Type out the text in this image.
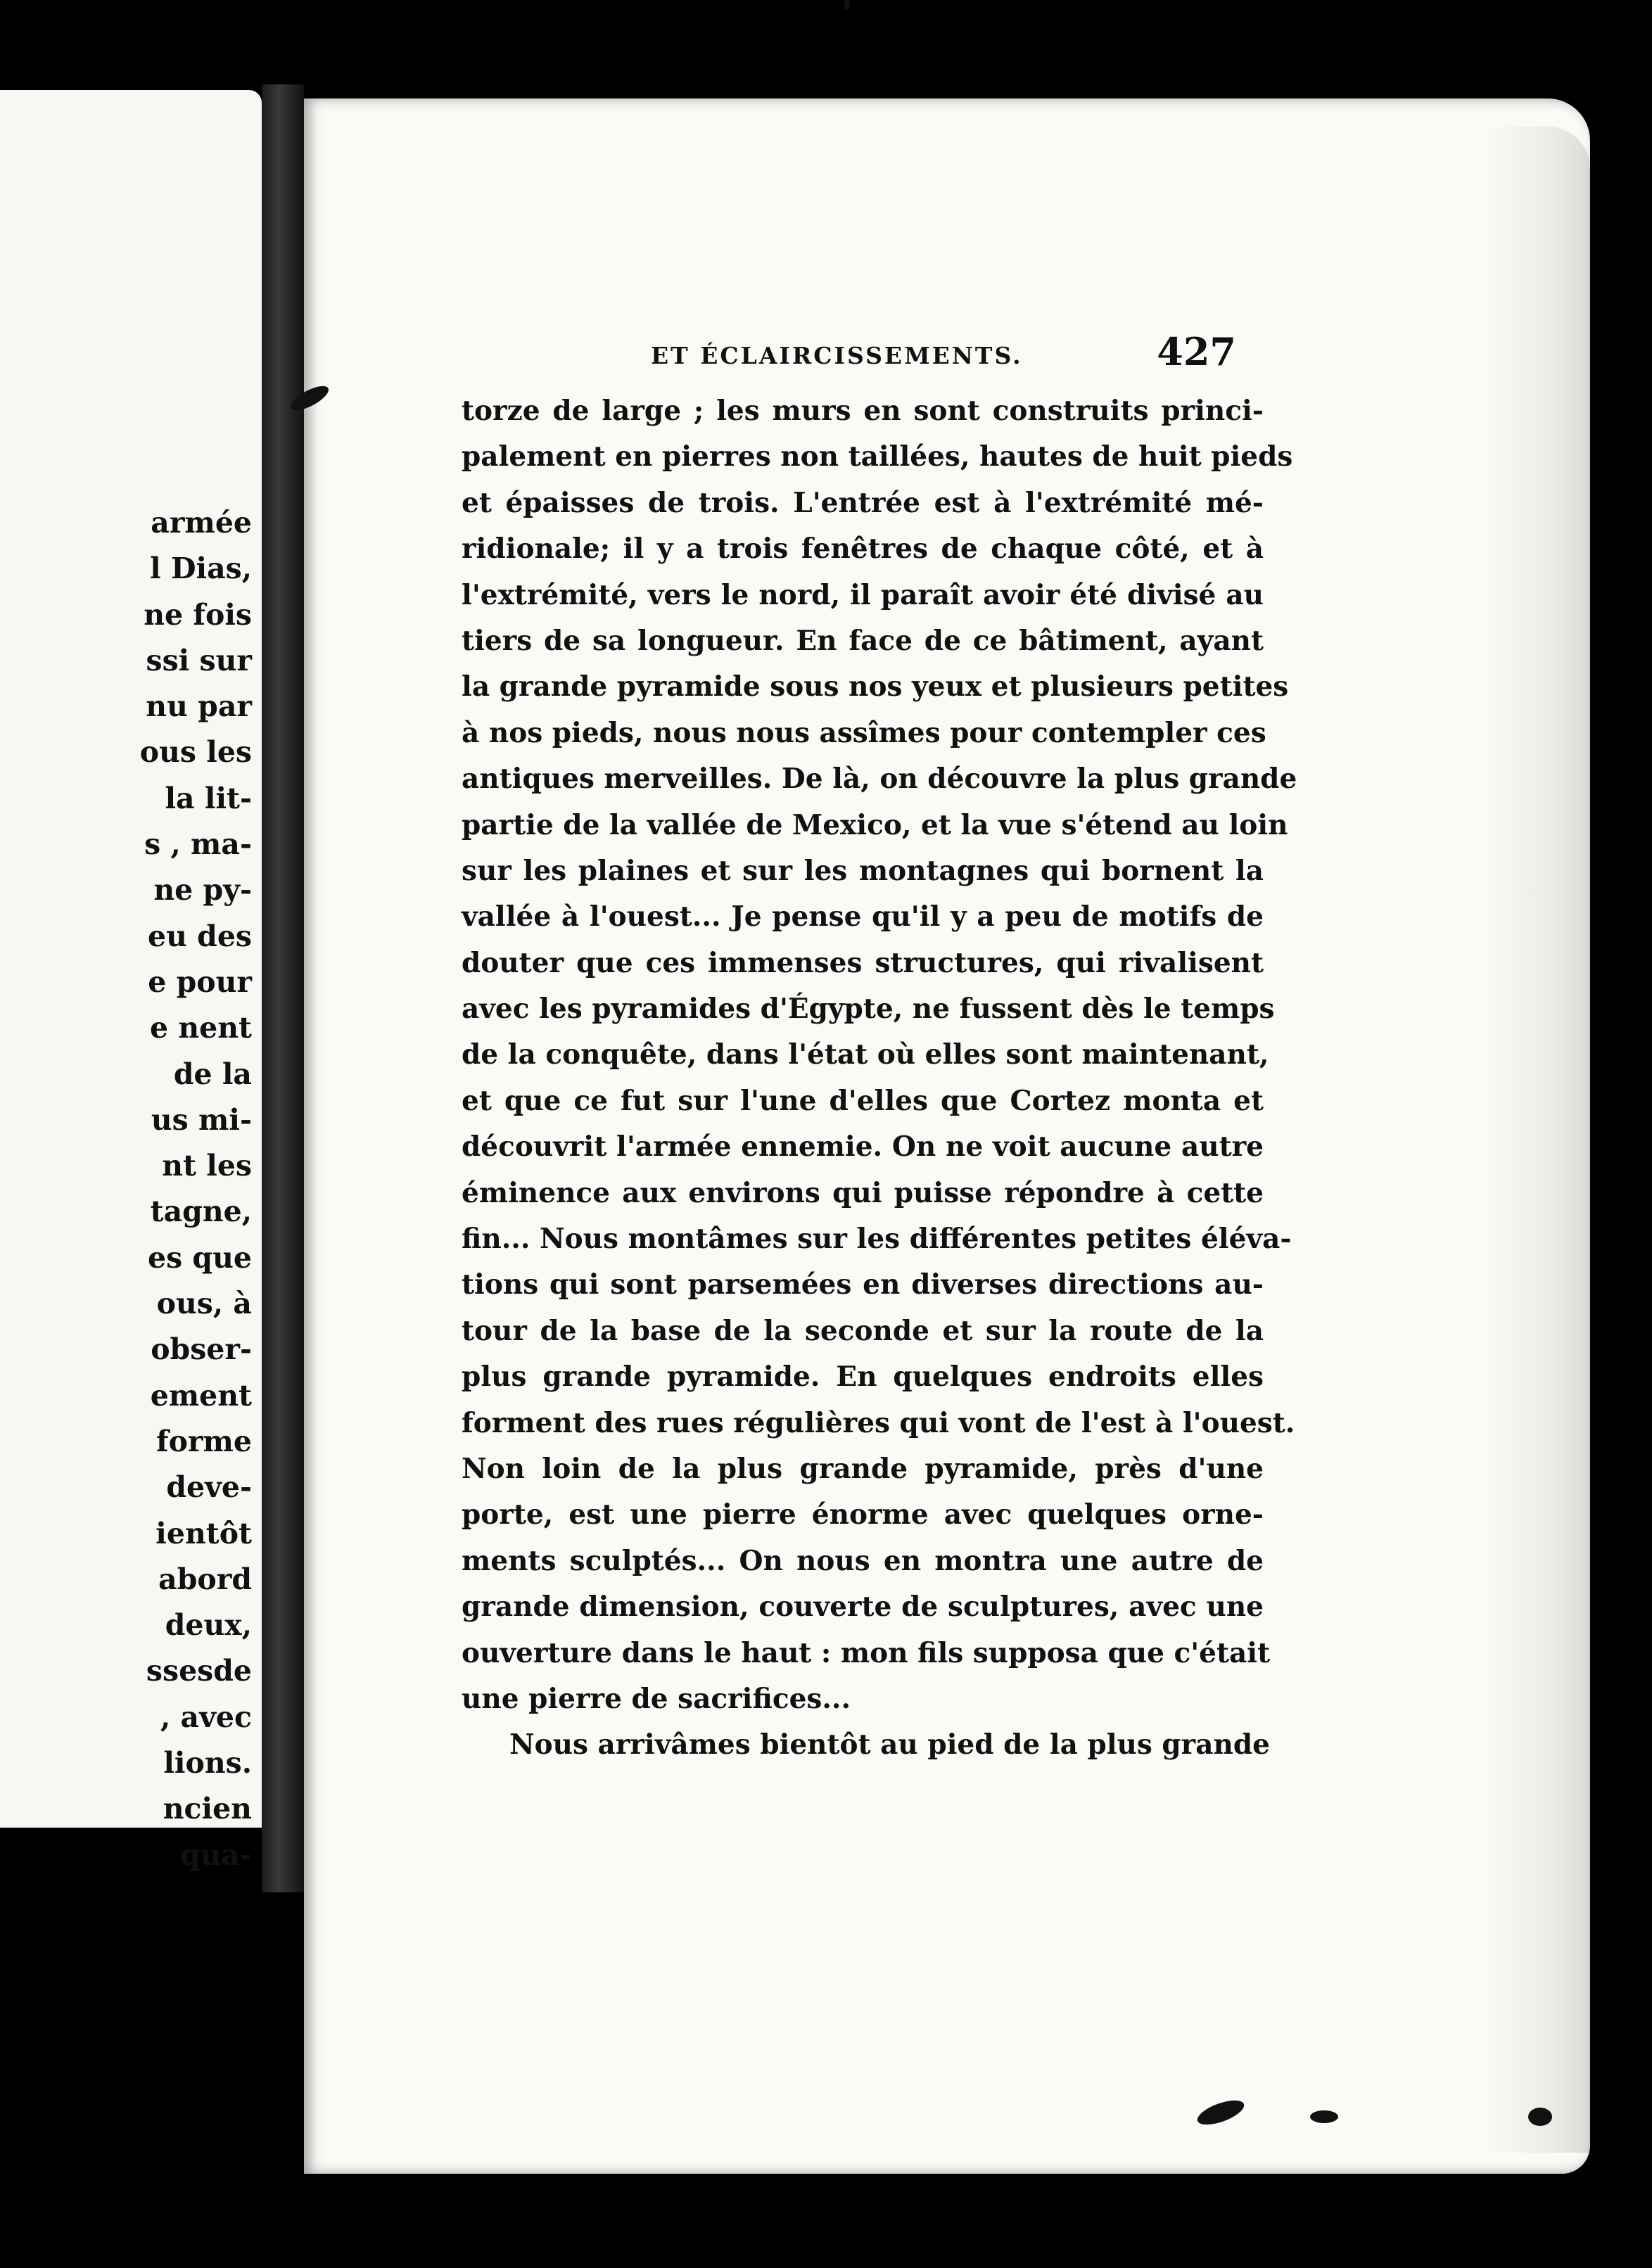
armée
l Dias,
ne fois
ssi sur
nu par
ous les
la lit-
s , ma-
ne py-
eu des
e pour
e nent
de la
us mi-
nt les
tagne,
es que
ous, à
obser-
ement
forme
deve-
ientôt
abord
deux,
ssesde
, avec
lions.
ncien
qua-
ET ÉCLAIRCISSEMENTS.	427
torze de large ; les murs en sont construits princi-
palement en pierres non taillées, hautes de huit pieds
et épaisses de trois. L'entrée est à l'extrémité mé-
ridionale; il y a trois fenêtres de chaque côté, et à
l'extrémité, vers le nord, il paraît avoir été divisé au
tiers de sa longueur. En face de ce bâtiment, ayant
la grande pyramide sous nos yeux et plusieurs petites
à nos pieds, nous nous assîmes pour contempler ces
antiques merveilles. De là, on découvre la plus grande
partie de la vallée de Mexico, et la vue s'étend au loin
sur les plaines et sur les montagnes qui bornent la
vallée à l'ouest... Je pense qu'il y a peu de motifs de
douter que ces immenses structures, qui rivalisent
avec les pyramides d'Égypte, ne fussent dès le temps
de la conquête, dans l'état où elles sont maintenant,
et que ce fut sur l'une d'elles que Cortez monta et
découvrit l'armée ennemie. On ne voit aucune autre
éminence aux environs qui puisse répondre à cette
fin... Nous montâmes sur les différentes petites éléva-
tions qui sont parsemées en diverses directions au-
tour de la base de la seconde et sur la route de la
plus grande pyramide. En quelques endroits elles
forment des rues régulières qui vont de l'est à l'ouest.
Non loin de la plus grande pyramide, près d'une
porte, est une pierre énorme avec quelques orne-
ments sculptés... On nous en montra une autre de
grande dimension, couverte de sculptures, avec une
ouverture dans le haut : mon fils supposa que c'était
une pierre de sacrifices...
Nous arrivâmes bientôt au pied de la plus grande
